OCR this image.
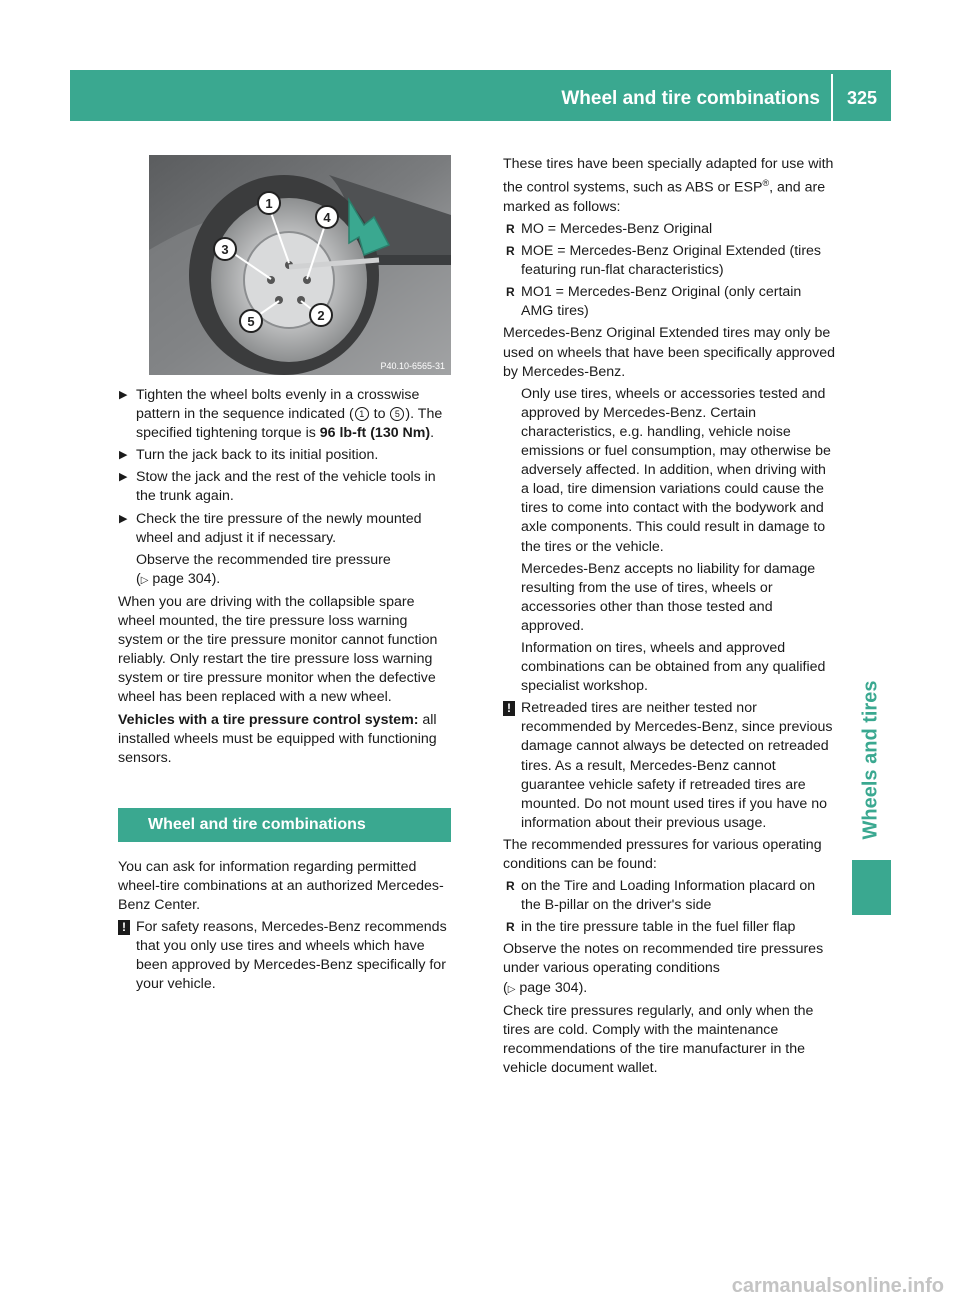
Wheel and tire combinations	325
Wheels and tires
1
4
3
5	2
P40.10-6565-31
▶ Tighten the wheel bolts evenly in a crosswise pattern in the sequence indicated ( 1 to 5 ). The specified tightening torque is 96 lb-ft (130 Nm).
▶ Turn the jack back to its initial position.
▶ Stow the jack and the rest of the vehicle tools in the trunk again.
▶ Check the tire pressure of the newly mounted wheel and adjust it if necessary.
Observe the recommended tire pressure
(▷ page 304).

When you are driving with the collapsible spare wheel mounted, the tire pressure loss warning system or the tire pressure monitor cannot function reliably. Only restart the tire pressure loss warning system or tire pressure monitor when the defective wheel has been replaced with a new wheel.

Vehicles with a tire pressure control system: all installed wheels must be equipped with functioning sensors.

Wheel and tire combinations

You can ask for information regarding permitted wheel-tire combinations at an authorized Mercedes-Benz Center.

! For safety reasons, Mercedes-Benz recommends that you only use tires and wheels which have been approved by Mercedes-Benz specifically for your vehicle.

These tires have been specially adapted for use with the control systems, such as ABS or ESP®, and are marked as follows:

R MO = Mercedes-Benz Original
R MOE = Mercedes-Benz Original Extended (tires featuring run-flat characteristics)
R MO1 = Mercedes-Benz Original (only certain AMG tires)

Mercedes-Benz Original Extended tires may only be used on wheels that have been specifically approved by Mercedes-Benz.

Only use tires, wheels or accessories tested and approved by Mercedes-Benz. Certain characteristics, e.g. handling, vehicle noise emissions or fuel consumption, may otherwise be adversely affected. In addition, when driving with a load, tire dimension variations could cause the tires to come into contact with the bodywork and axle components. This could result in damage to the tires or the vehicle.

Mercedes-Benz accepts no liability for damage resulting from the use of tires, wheels or accessories other than those tested and approved.

Information on tires, wheels and approved combinations can be obtained from any qualified specialist workshop.

! Retreaded tires are neither tested nor recommended by Mercedes-Benz, since previous damage cannot always be detected on retreaded tires. As a result, Mercedes-Benz cannot guarantee vehicle safety if retreaded tires are mounted. Do not mount used tires if you have no information about their previous usage.

The recommended pressures for various operating conditions can be found:

R on the Tire and Loading Information placard on the B-pillar on the driver's side
R in the tire pressure table in the fuel filler flap

Observe the notes on recommended tire pressures under various operating conditions
(▷ page 304).

Check tire pressures regularly, and only when the tires are cold. Comply with the maintenance recommendations of the tire manufacturer in the vehicle document wallet.

carmanualsonline.info
